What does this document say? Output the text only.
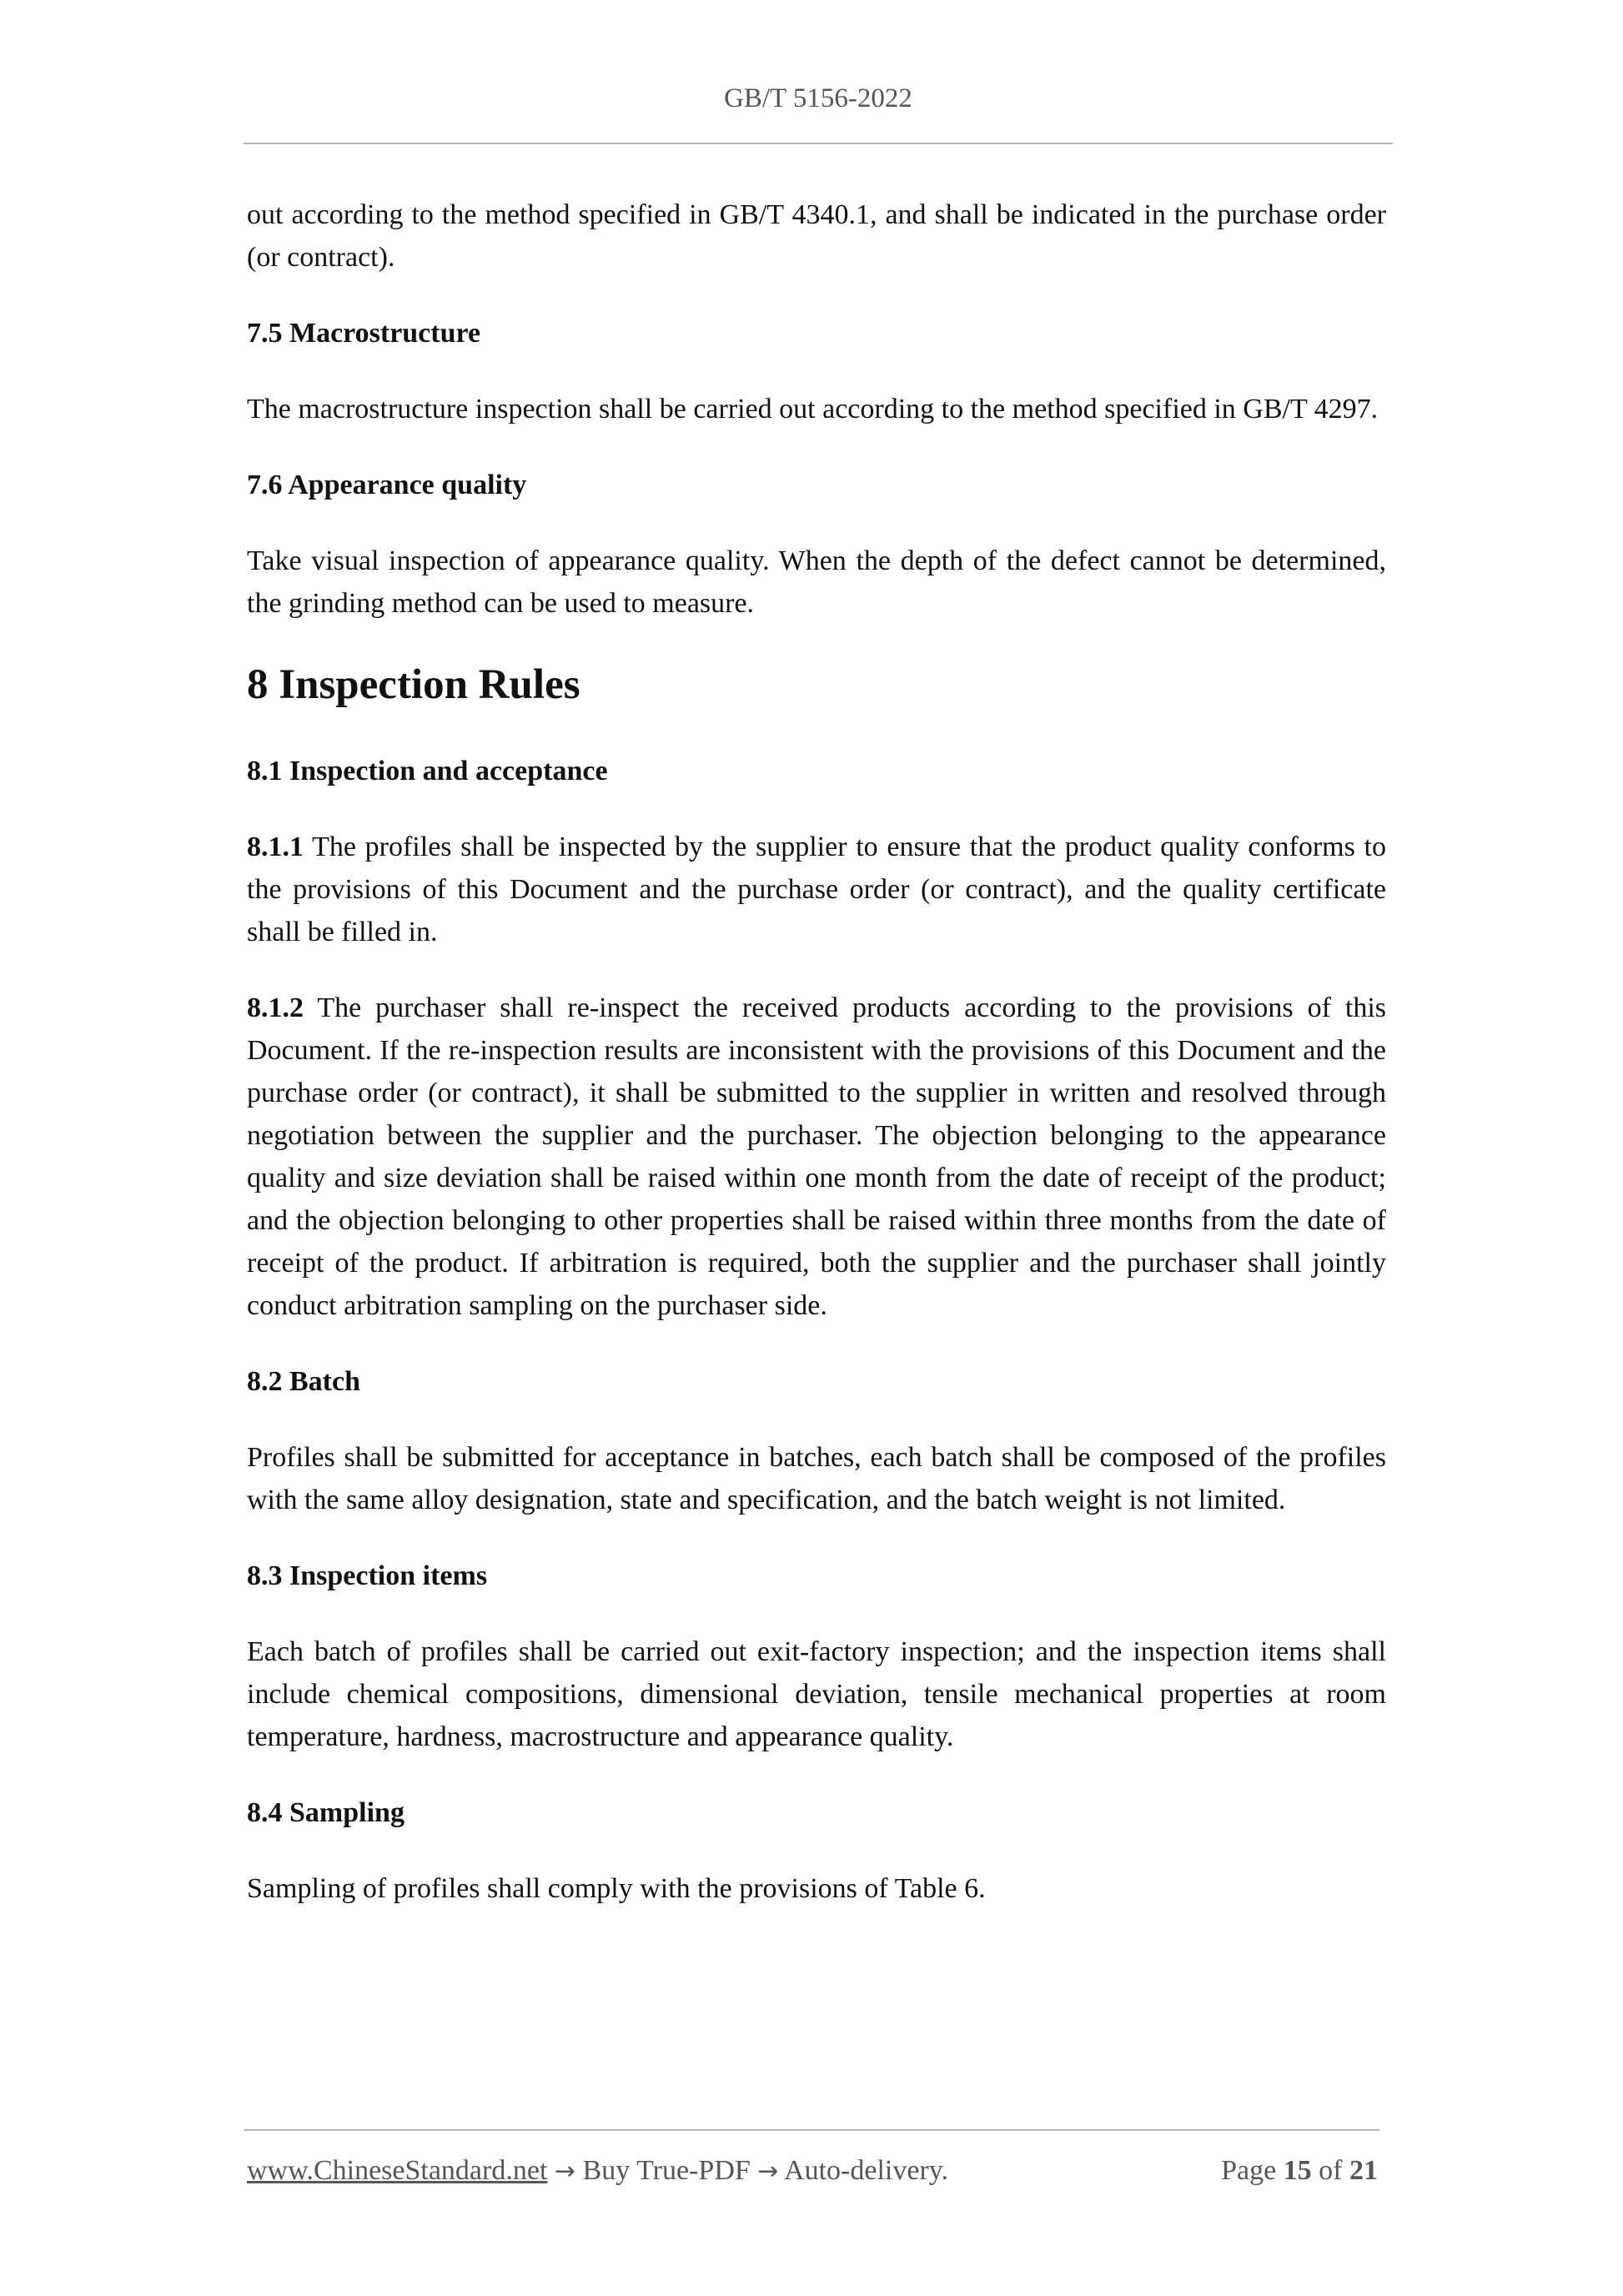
GB/T 5156-2022

out according to the method specified in GB/T 4340.1, and shall be indicated in the purchase order (or contract).

7.5 Macrostructure

The macrostructure inspection shall be carried out according to the method specified in GB/T 4297.

7.6 Appearance quality

Take visual inspection of appearance quality. When the depth of the defect cannot be determined, the grinding method can be used to measure.

8 Inspection Rules
8.1 Inspection and acceptance

8.1.1 The profiles shall be inspected by the supplier to ensure that the product quality conforms to the provisions of this Document and the purchase order (or contract), and the quality certificate shall be filled in.

8.1.2 The purchaser shall re-inspect the received products according to the provisions of this Document. If the re-inspection results are inconsistent with the provisions of this Document and the purchase order (or contract), it shall be submitted to the supplier in written and resolved through negotiation between the supplier and the purchaser. The objection belonging to the appearance quality and size deviation shall be raised within one month from the date of receipt of the product; and the objection belonging to other properties shall be raised within three months from the date of receipt of the product. If arbitration is required, both the supplier and the purchaser shall jointly conduct arbitration sampling on the purchaser side.

8.2 Batch

Profiles shall be submitted for acceptance in batches, each batch shall be composed of the profiles with the same alloy designation, state and specification, and the batch weight is not limited.

8.3 Inspection items

Each batch of profiles shall be carried out exit-factory inspection; and the inspection items shall include chemical compositions, dimensional deviation, tensile mechanical properties at room temperature, hardness, macrostructure and appearance quality.

8.4 Sampling

Sampling of profiles shall comply with the provisions of Table 6.

www.ChineseStandard.net → Buy True-PDF → Auto-delivery.	Page 15 of 21
